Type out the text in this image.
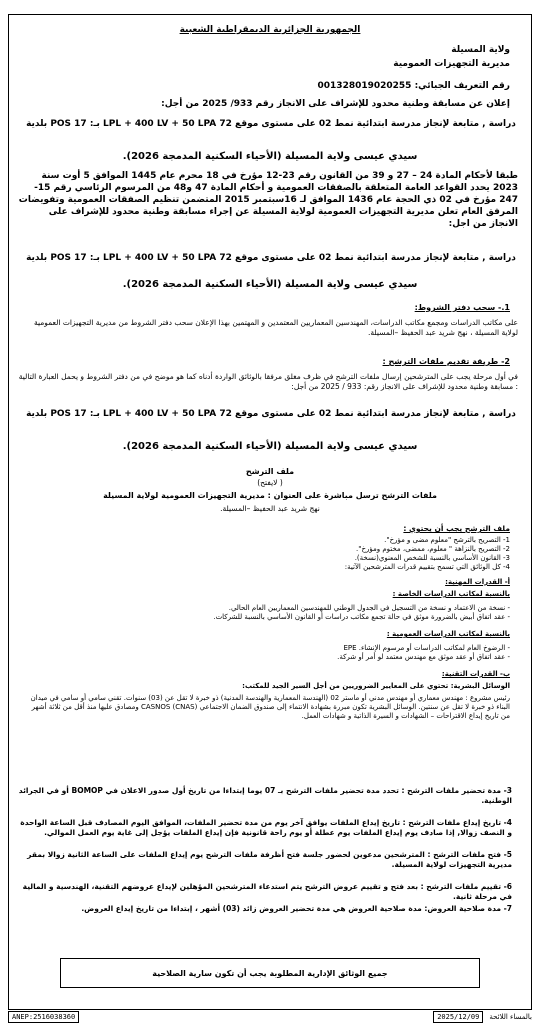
الجمهورية الجزائرية الديمقراطية الشعبية
ولاية المسيلة
مديرية التجهيزات العمومية
رقم التعريف الجبائي: 001328019020255
إعلان عن مسابقة وطنية محدود للإشراف على الانجاز رقم 933/ 2025 من أجل:
دراسة , متابعة لإنجاز مدرسة ابتدائية نمط 02 على مستوى موقع 72 LPL + 400 LV + 50 LPA بـ: POS 17 بلدية
سيدي عيسى ولاية المسيلة (الأحياء السكنية المدمجة 2026).
طبقا لأحكام المادة 24 – 27 و 39 من القانون رقم 23-12 مؤرخ في 18 محرم عام 1445 الموافق 5 أوت سنة 2023 يحدد القواعد العامة المتعلقة بالصفقات العمومية و أحكام المادة 47 و48 من المرسوم الرئاسي رقم 15-247 مؤرخ في 02 ذي الحجة عام 1436 الموافق لـ 16سبتمبر 2015 المتضمن تنظيم الصفقات العمومية وتفويضات المرفق العام تعلن مديرية التجهيزات العمومية لولاية المسيلة عن إجراء مسابقة وطنية محدود للإشراف على الانجاز من اجل:
دراسة , متابعة لإنجاز مدرسة ابتدائية نمط 02 على مستوى موقع 72 LPL + 400 LV + 50 LPA بـ: POS 17 بلدية
سيدي عيسى ولاية المسيلة (الأحياء السكنية المدمجة 2026).
1.- سحب دفتر الشروط:
على مكاتب الدراسات ومجمع مكاتب الدراسات، المهندسين المعماريين المعتمدين و المهتمين بهذا الإعلان سحب دفتر الشروط من مديرية التجهيزات العمومية لولاية المسيلة ، نهج شريد عبد الحفيظ –المسيلة.
2- طريقة تقديم ملفات الترشح :
في أول مرحلة يجب على المترشحين إرسال ملفات الترشح في ظرف مغلق مرفقا بالوثائق الواردة أدناه كما هو موضح في من دفتر الشروط و يحمل العبارة التالية : مسابقة وطنية محدود للإشراف على الانجاز رقم: 933 / 2025 من أجل:
دراسة , متابعة لإنجاز مدرسة ابتدائية نمط 02 على مستوى موقع 72 LPL + 400 LV + 50 LPA بـ: POS 17 بلدية
سيدي عيسى ولاية المسيلة (الأحياء السكنية المدمجة 2026).
ملف الترشح
( لايفتح)
ملفات الترشح ترسل مباشرة على العنوان : مديرية التجهيزات العمومية لولاية المسيلة
نهج شريد عبد الحفيظ –المسيلة.
ملف الترشح يجب أن يحتوي :
1- التصريح بالترشح "معلوم مضى و مؤرخ".
2- التصريح بالنزاهة " معلوم، ممضى، مختوم ومؤرخ".
3- القانون الأساسي بالنسبة للشخص المعنوي(نسخة).
4- كل الوثائق التي تسمح بتقييم قدرات المترشحين الآتية:
أ- القدرات المهنية:
بالنسبة لمكاتب الدراسات الخاصة :
- نسخة من الاعتماد و نسخة من التسجيل في الجدول الوطني للمهندسين المعماريين العام الحالي.
- عقد اتفاق أبيض بالضرورة موثق في حالة تجمع مكاتب دراسات أو القانون الأساسي بالنسبة للشركات.
بالنسبة لمكاتب الدراسات العمومية :
- الرضوخ العام لمكاتب الدراسات أو مرسوم الإنشاء. EPE
- عقد اتفاق أو عقد موثق مع مهندس معتمد لو أمر أو شركة.
ب- القدرات التقنية:
الوسائل البشرية: تحتوي على المعايير الضروريين من أجل السير الجيد للمكتب:
رئيس مشروع : مهندس معماري أو مهندس مدني أو ماستر 02 (الهندسة المعمارية والهندسة المدنية) ذو خبرة لا تقل عن (03) سنوات. تقني سامي أو سامي في ميدان البناء ذو خبرة لا تقل عن سنتين. الوسائل البشرية تكون مبررة بشهادة الانتماء إلى صندوق الضمان الاجتماعي (CNAS) CASNOS ومصادق عليها منذ أقل من ثلاثة أشهر من تاريخ إيداع الاقتراحات – الشهادات و السيرة الذاتية و شهادات العمل.
3- مدة تحضير ملفات الترشح : تحدد مدة تحضير ملفات الترشح بـ 07 يوما إبتداءا من تاريخ أول صدور الاعلان في BOMOP أو في الجرائد الوطنية.
4- تاريخ إيداع ملفات الترشح : تاريخ إيداع الملفات يوافق آخر يوم من مدة تحضير الملفات، الموافق اليوم المصادف قبل الساعة الواحدة و النصف زوالا, إذا صادف يوم إيداع الملفات يوم عطلة أو يوم راحة قانونية فإن إيداع الملفات يؤجل إلى غاية يوم العمل الموالي.
5- فتح ملفات الترشح : المترشحين مدعوين لحضور جلسة فتح أظرفة ملفات الترشح يوم إيداع الملفات على الساعة الثانية زوالا بمقر مديرية التجهيزات لولاية المسيلة.
6- تقييم ملفات الترشح : بعد فتح و تقييم عروض الترشح يتم استدعاء المترشحين المؤهلين لإيداع عروضهم التقنية، الهندسية و المالية في مرحلة ثانية.
7- مدة صلاحية العروض: مدة صلاحية العروض هي مدة تحضير العروض زائد (03) أشهر ، إبتداءا من تاريخ إيداع العروض.
جميع الوثائق الإدارية المطلوبة يجب أن تكون سارية الصلاحية
ANEP:2516038360	2025/12/09	بالمساء اللائحة
